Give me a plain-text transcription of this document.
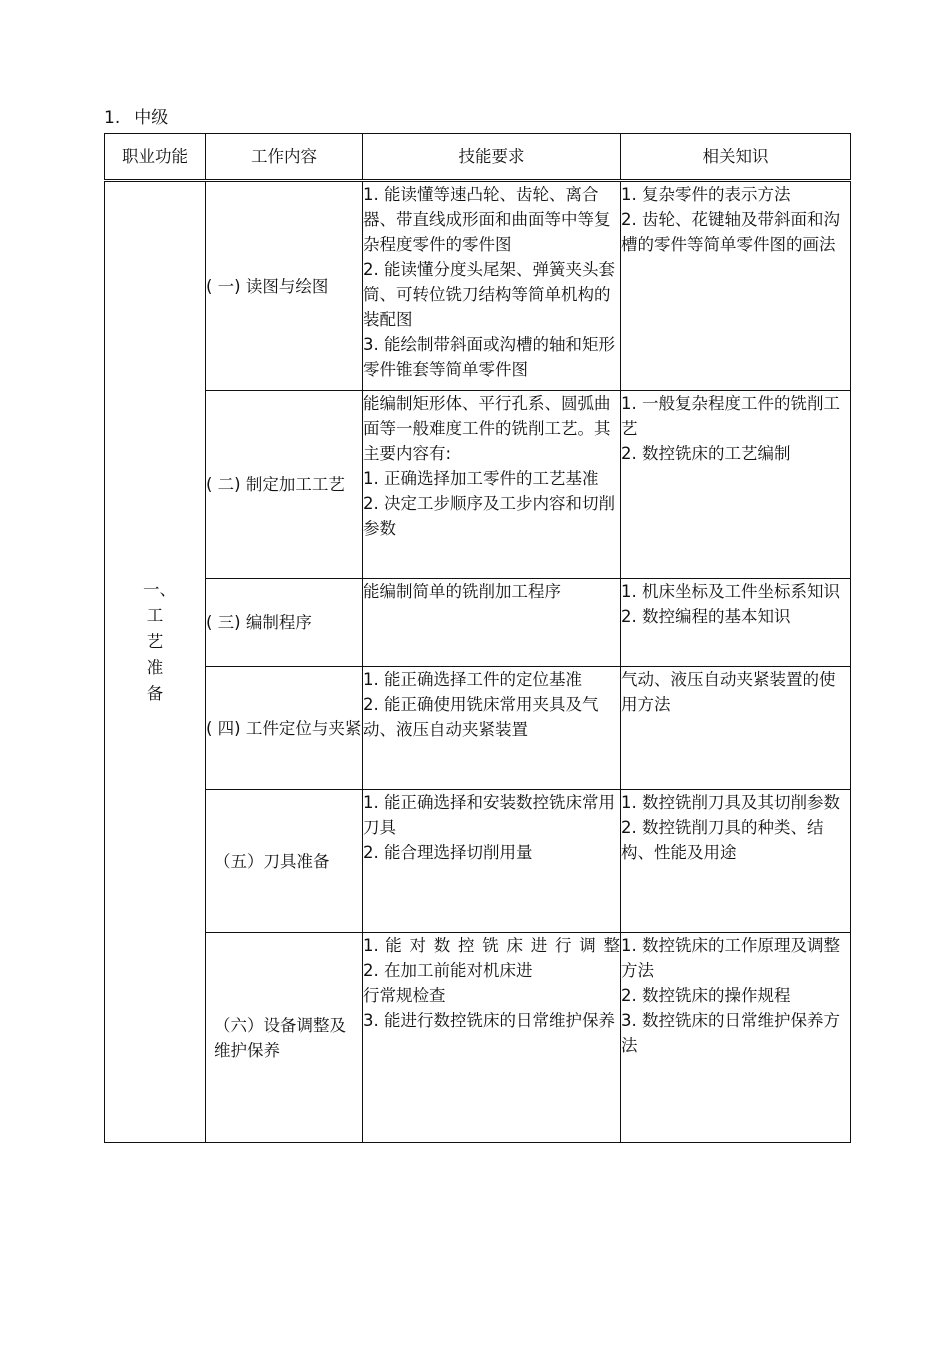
1. 中级
职业功能	工作内容	技能要求	相关知识

一、
工
艺
准
备	( 一) 读图与绘图	1. 能读懂等速凸轮、齿轮、离合器、带直线成形面和曲面等中等复杂程度零件的零件图
2. 能读懂分度头尾架、弹簧夹头套筒、可转位铣刀结构等简单机构的装配图
3. 能绘制带斜面或沟槽的轴和矩形零件锥套等简单零件图	1. 复杂零件的表示方法
2. 齿轮、花键轴及带斜面和沟槽的零件等简单零件图的画法

	( 二) 制定加工工艺	能编制矩形体、平行孔系、圆弧曲面等一般难度工件的铣削工艺。其主要内容有:
1. 正确选择加工零件的工艺基准
2. 决定工步顺序及工步内容和切削参数	1. 一般复杂程度工件的铣削工艺
2. 数控铣床的工艺编制

	( 三) 编制程序	能编制简单的铣削加工程序	1. 机床坐标及工件坐标系知识
2. 数控编程的基本知识

	( 四) 工件定位与夹紧	1. 能正确选择工件的定位基准
2. 能正确使用铣床常用夹具及气动、液压自动夹紧装置	气动、液压自动夹紧装置的使用方法

	（五）刀具准备	1. 能正确选择和安装数控铣床常用刀具
2. 能合理选择切削用量	1. 数控铣削刀具及其切削参数
2. 数控铣削刀具的种类、结构、性能及用途

	（六）设备调整及维护保养	1. 能 对 数 控 铣 床 进 行 调 整
2. 在加工前能对机床进
行常规检查
3. 能进行数控铣床的日常维护保养	1. 数控铣床的工作原理及调整方法
2. 数控铣床的操作规程
3. 数控铣床的日常维护保养方法
